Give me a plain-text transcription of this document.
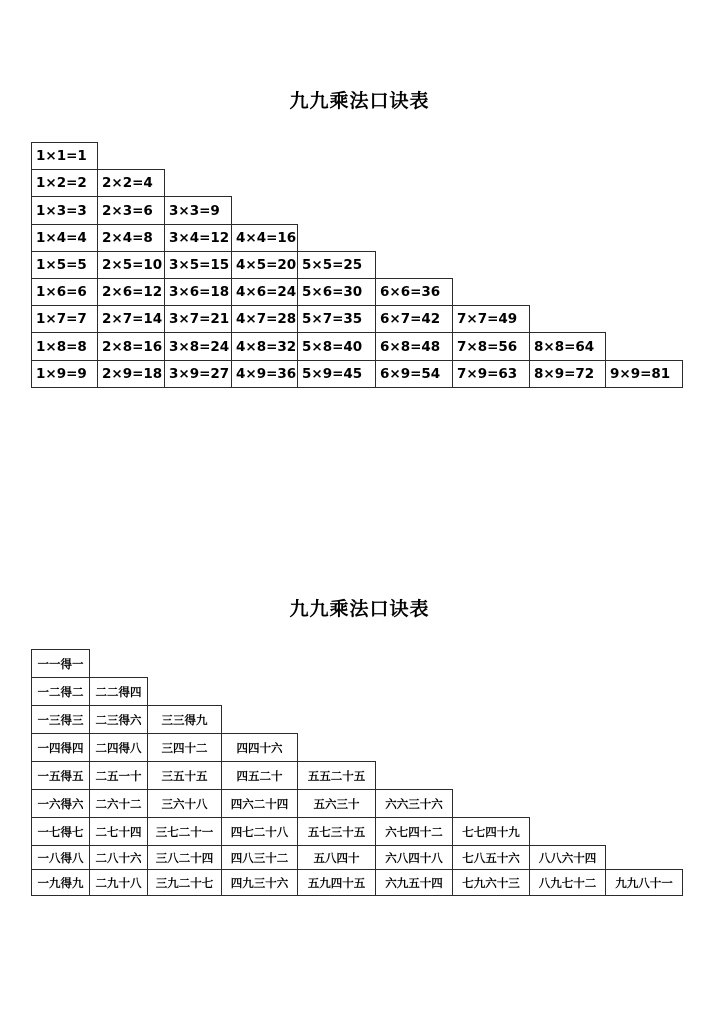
九九乘法口诀表
1×1=1
1×2=2	2×2=4
1×3=3	2×3=6	3×3=9
1×4=4	2×4=8	3×4=12 4×4=16
1×5=5	2×5=10 3×5=15 4×5=20 5×5=25
1×6=6	2×6=12 3×6=18 4×6=24 5×6=30	6×6=36
1×7=7	2×7=14 3×7=21 4×7=28 5×7=35	6×7=42	7×7=49
1×8=8	2×8=16 3×8=24 4×8=32 5×8=40	6×8=48	7×8=56	8×8=64
1×9=9	2×9=18 3×9=27 4×9=36 5×9=45	6×9=54	7×9=63	8×9=72	9×9=81
九九乘法口诀表
一一得一
一二得二	二二得四
一三得三	二三得六	三三得九
一四得四	二四得八	三四十二	四四十六
一五得五	二五一十	三五十五	四五二十	五五二十五
一六得六	二六十二	三六十八	四六二十四	五六三十	六六三十六
一七得七	二七十四	三七二十一	四七二十八	五七三十五	六七四十二	七七四十九
一八得八	二八十六	三八二十四	四八三十二	五八四十	六八四十八	七八五十六	八八六十四
一九得九	二九十八	三九二十七	四九三十六	五九四十五	六九五十四	七九六十三	八九七十二	九九八十一
